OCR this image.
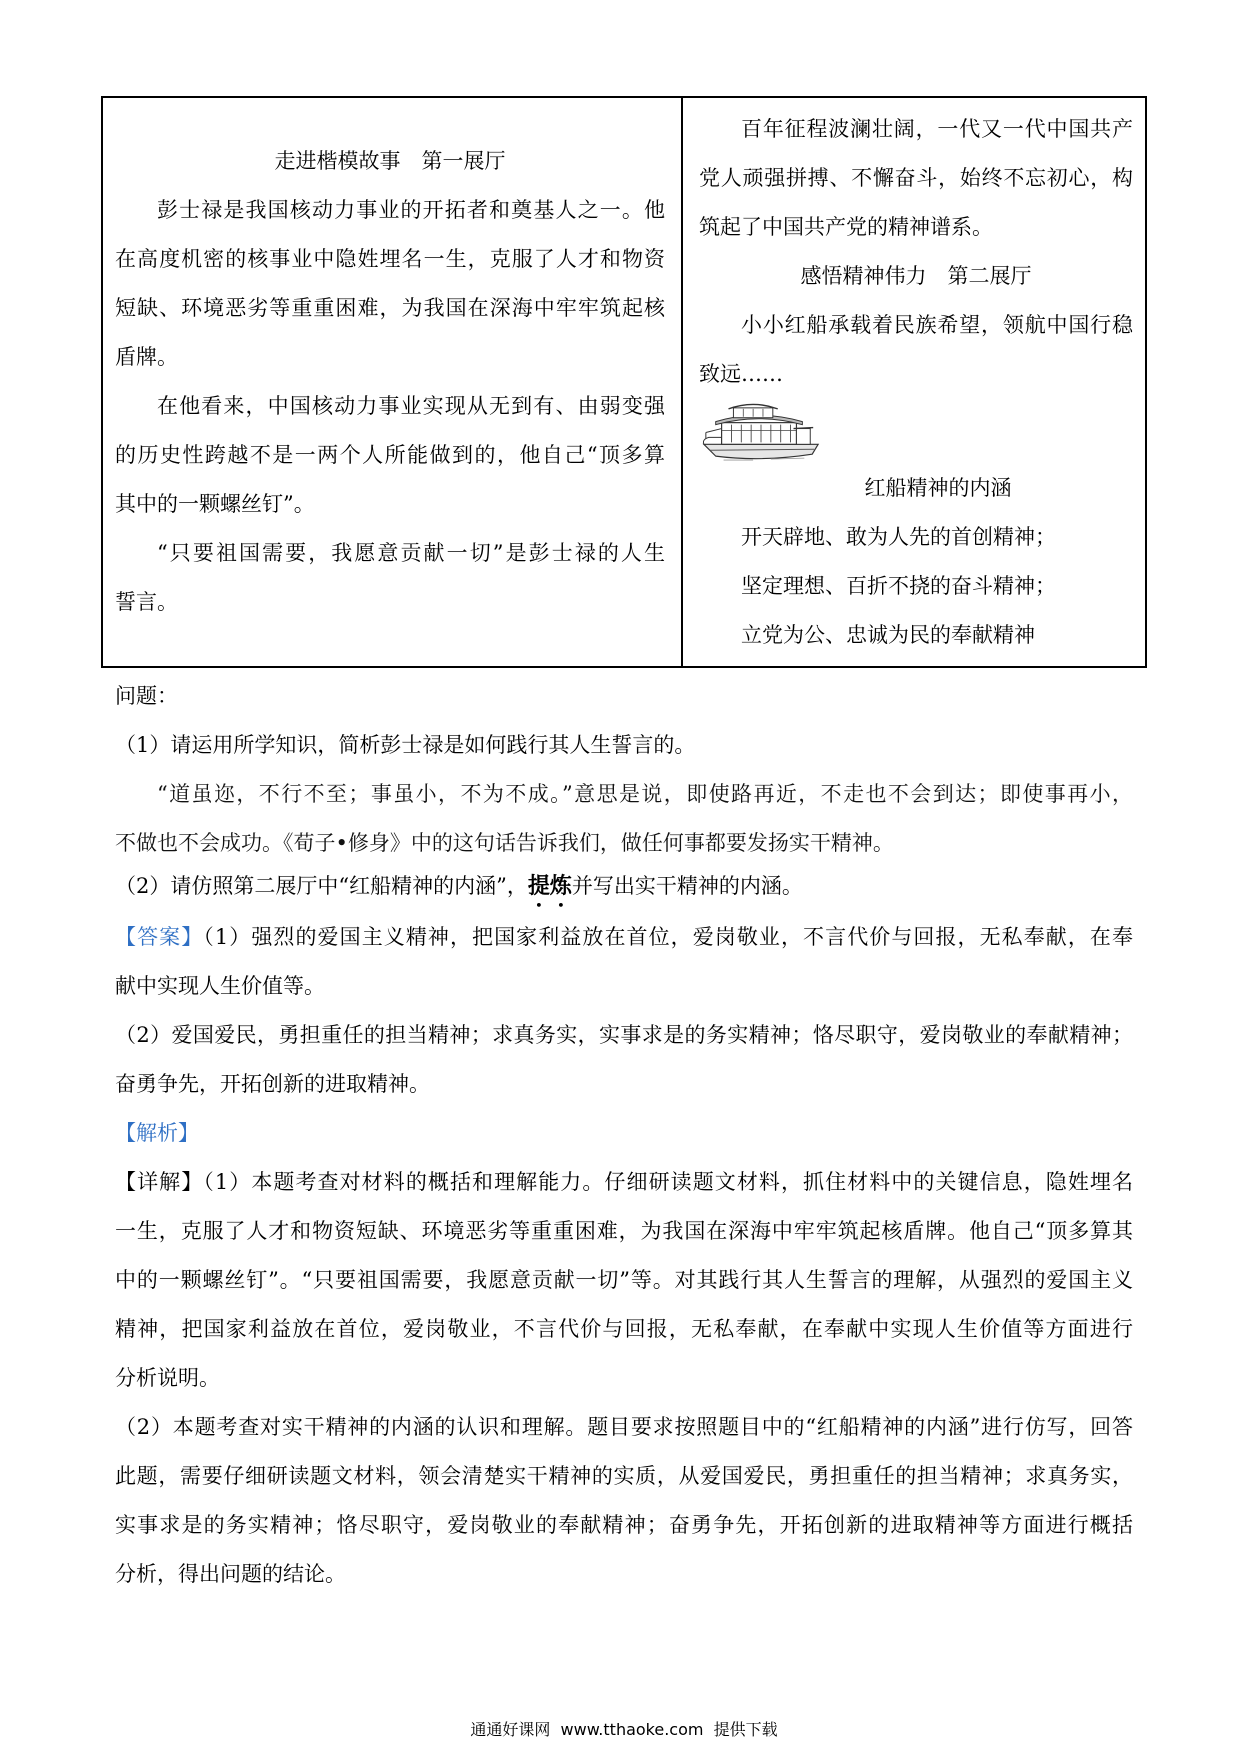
走进楷模故事　第一展厅
彭士禄是我国核动力事业的开拓者和奠基人之一。他
在高度机密的核事业中隐姓埋名一生，克服了人才和物资
短缺、环境恶劣等重重困难，为我国在深海中牢牢筑起核
盾牌。
在他看来，中国核动力事业实现从无到有、由弱变强
的历史性跨越不是一两个人所能做到的，他自己“顶多算
其中的一颗螺丝钉”。
“只要祖国需要，我愿意贡献一切”是彭士禄的人生
誓言。
百年征程波澜壮阔，一代又一代中国共产
党人顽强拼搏、不懈奋斗，始终不忘初心，构
筑起了中国共产党的精神谱系。
感悟精神伟力　第二展厅
小小红船承载着民族希望，领航中国行稳
致远……
红船精神的内涵
开天辟地、敢为人先的首创精神；
坚定理想、百折不挠的奋斗精神；
立党为公、忠诚为民的奉献精神
问题：
（1）请运用所学知识，简析彭士禄是如何践行其人生誓言的。
“道虽迩，不行不至；事虽小，不为不成。”意思是说，即使路再近，不走也不会到达；即使事再小，
不做也不会成功。《荀子•修身》中的这句话告诉我们，做任何事都要发扬实干精神。
（2）请仿照第二展厅中“红船精神的内涵”，提炼并写出实干精神的内涵。
【答案】（1）强烈的爱国主义精神，把国家利益放在首位，爱岗敬业，不言代价与回报，无私奉献，在奉
献中实现人生价值等。
（2）爱国爱民，勇担重任的担当精神；求真务实，实事求是的务实精神；恪尽职守，爱岗敬业的奉献精神；
奋勇争先，开拓创新的进取精神。
【解析】
【详解】（1）本题考查对材料的概括和理解能力。仔细研读题文材料，抓住材料中的关键信息，隐姓埋名
一生，克服了人才和物资短缺、环境恶劣等重重困难，为我国在深海中牢牢筑起核盾牌。他自己“顶多算其
中的一颗螺丝钉”。“只要祖国需要，我愿意贡献一切”等。对其践行其人生誓言的理解，从强烈的爱国主义
精神，把国家利益放在首位，爱岗敬业，不言代价与回报，无私奉献，在奉献中实现人生价值等方面进行
分析说明。
（2）本题考查对实干精神的内涵的认识和理解。题目要求按照题目中的“红船精神的内涵”进行仿写，回答
此题，需要仔细研读题文材料，领会清楚实干精神的实质，从爱国爱民，勇担重任的担当精神；求真务实，
实事求是的务实精神；恪尽职守，爱岗敬业的奉献精神；奋勇争先，开拓创新的进取精神等方面进行概括
分析，得出问题的结论。
通通好课网  www.tthaoke.com  提供下载
